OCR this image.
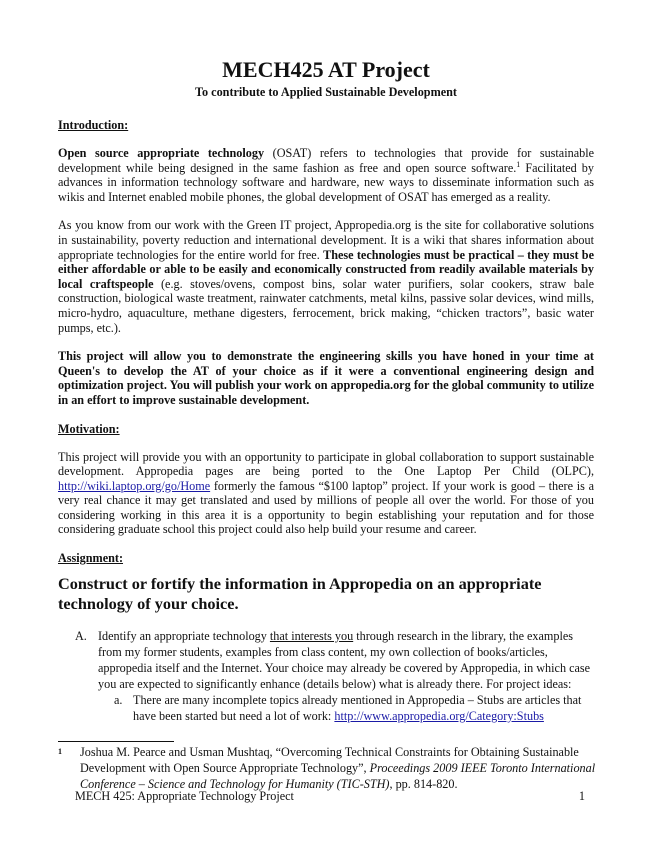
MECH425 AT Project
To contribute to Applied Sustainable Development
Introduction:

Open source appropriate technology (OSAT) refers to technologies that provide for sustainable development while being designed in the same fashion as free and open source software.$^1$ Facilitated by advances in information technology software and hardware, new ways to disseminate information such as wikis and Internet enabled mobile phones, the global development of OSAT has emerged as a reality.

As you know from our work with the Green IT project, Appropedia.org is the site for collaborative solutions in sustainability, poverty reduction and international development. It is a wiki that shares information about appropriate technologies for the entire world for free. These technologies must be practical – they must be either affordable or able to be easily and economically constructed from readily available materials by local craftspeople (e.g. stoves/ovens, compost bins, solar water purifiers, solar cookers, straw bale construction, biological waste treatment, rainwater catchments, metal kilns, passive solar devices, wind mills, micro-hydro, aquaculture, methane digesters, ferrocement, brick making, “chicken tractors”, basic water pumps, etc.).

This project will allow you to demonstrate the engineering skills you have honed in your time at Queen's to develop the AT of your choice as if it were a conventional engineering design and optimization project. You will publish your work on appropedia.org for the global community to utilize in an effort to improve sustainable development.

Motivation:

This project will provide you with an opportunity to participate in global collaboration to support sustainable development. Appropedia pages are being ported to the One Laptop Per Child (OLPC), http://wiki.laptop.org/go/Home formerly the famous “$100 laptop” project. If your work is good – there is a very real chance it may get translated and used by millions of people all over the world. For those of you considering working in this area it is a opportunity to begin establishing your reputation and for those considering graduate school this project could also help build your resume and career.

Assignment:
Construct or fortify the information in Appropedia on an appropriate technology of your choice.
A. Identify an appropriate technology that interests you through research in the library, the examples from my former students, examples from class content, my own collection of books/articles, appropedia itself and the Internet. Your choice may already be covered by Appropedia, in which case you are expected to significantly enhance (details below) what is already there. For project ideas:
a. There are many incomplete topics already mentioned in Appropedia – Stubs are articles that have been started but need a lot of work: http://www.appropedia.org/Category:Stubs
1	Joshua M. Pearce and Usman Mushtaq, “Overcoming Technical Constraints for Obtaining Sustainable Development with Open Source Appropriate Technology”, Proceedings 2009 IEEE Toronto International Conference – Science and Technology for Humanity (TIC-STH), pp. 814-820.
MECH 425: Appropriate Technology Project	1
